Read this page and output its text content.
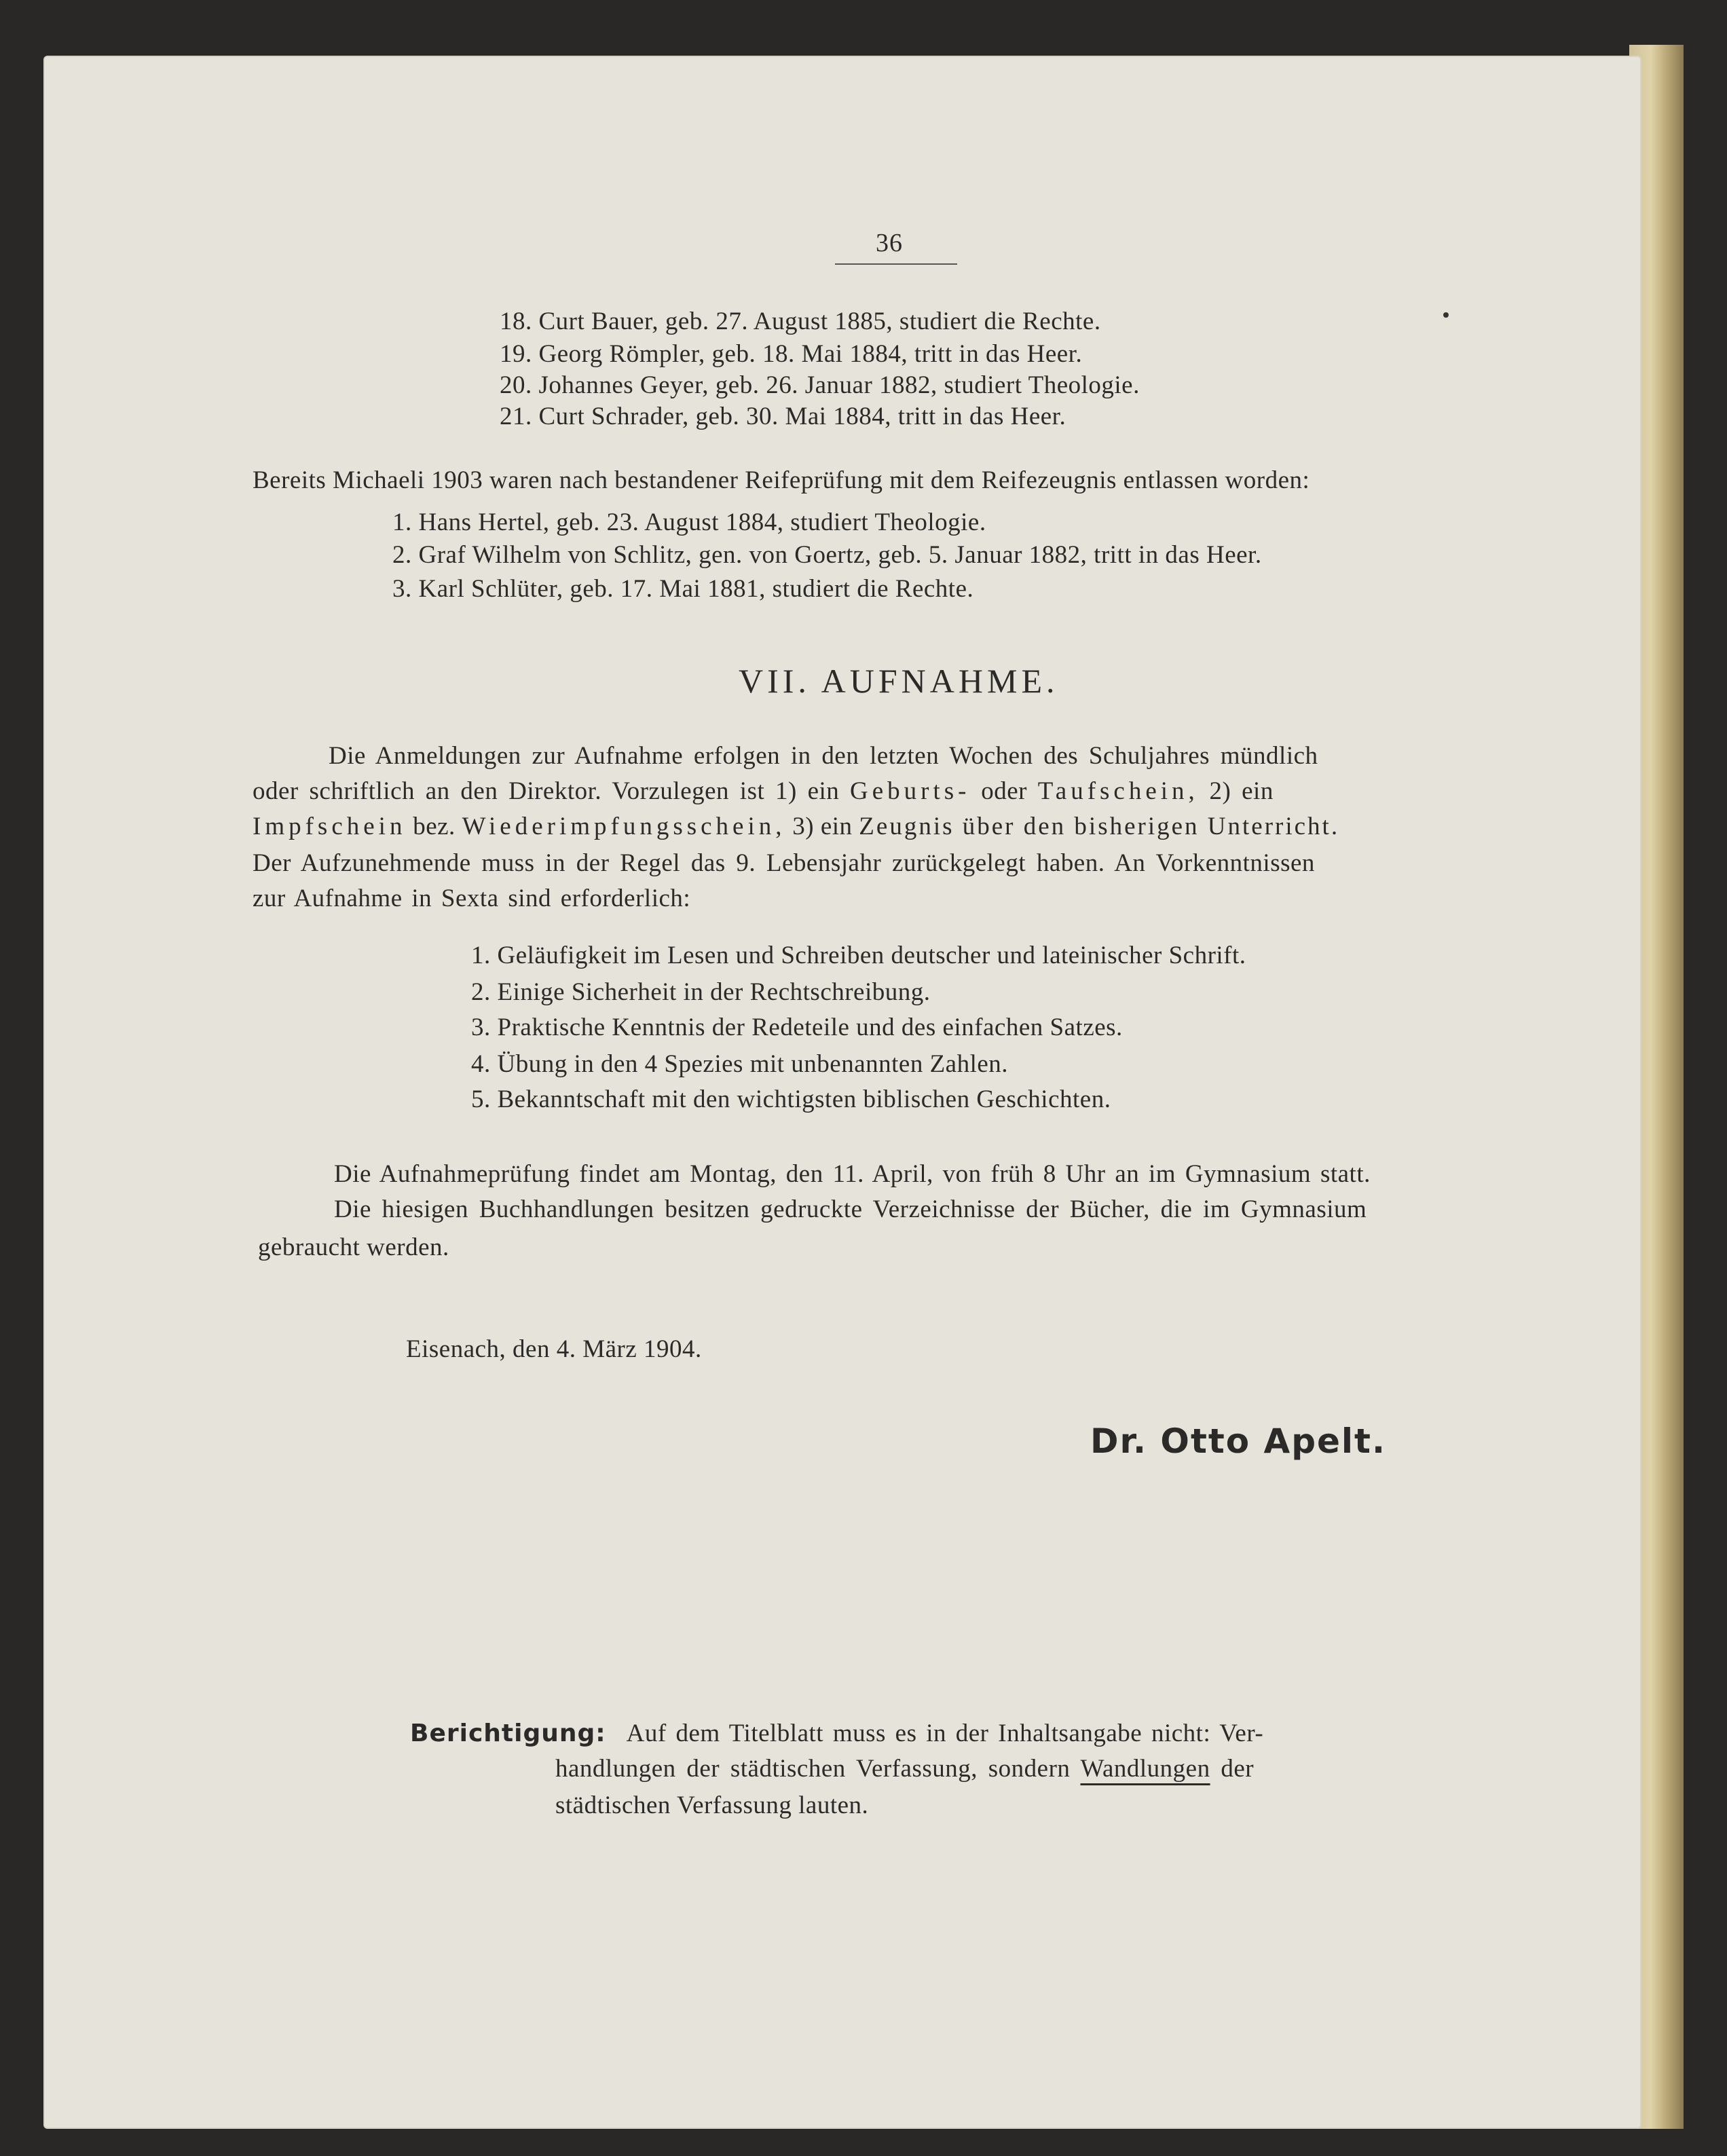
36
18. Curt Bauer, geb. 27. August 1885, studiert die Rechte.
19. Georg Römpler, geb. 18. Mai 1884, tritt in das Heer.
20. Johannes Geyer, geb. 26. Januar 1882, studiert Theologie.
21. Curt Schrader, geb. 30. Mai 1884, tritt in das Heer.
Bereits Michaeli 1903 waren nach bestandener Reifeprüfung mit dem Reifezeugnis entlassen worden:
1. Hans Hertel, geb. 23. August 1884, studiert Theologie.
2. Graf Wilhelm von Schlitz, gen. von Goertz, geb. 5. Januar 1882, tritt in das Heer.
3. Karl Schlüter, geb. 17. Mai 1881, studiert die Rechte.
VII. AUFNAHME.
Die Anmeldungen zur Aufnahme erfolgen in den letzten Wochen des Schuljahres mündlich
oder schriftlich an den Direktor. Vorzulegen ist 1) ein Geburts- oder Taufschein, 2) ein
Impfschein bez. Wiederimpfungsschein, 3) ein Zeugnis über den bisherigen Unterricht.
Der Aufzunehmende muss in der Regel das 9. Lebensjahr zurückgelegt haben. An Vorkenntnissen
zur Aufnahme in Sexta sind erforderlich:
1. Geläufigkeit im Lesen und Schreiben deutscher und lateinischer Schrift.
2. Einige Sicherheit in der Rechtschreibung.
3. Praktische Kenntnis der Redeteile und des einfachen Satzes.
4. Übung in den 4 Spezies mit unbenannten Zahlen.
5. Bekanntschaft mit den wichtigsten biblischen Geschichten.
Die Aufnahmeprüfung findet am Montag, den 11. April, von früh 8 Uhr an im Gymnasium statt.
Die hiesigen Buchhandlungen besitzen gedruckte Verzeichnisse der Bücher, die im Gymnasium
gebraucht werden.
Eisenach, den 4. März 1904.
Dr. Otto Apelt.
Berichtigung: Auf dem Titelblatt muss es in der Inhaltsangabe nicht: Ver-
handlungen der städtischen Verfassung, sondern Wandlungen der
städtischen Verfassung lauten.
